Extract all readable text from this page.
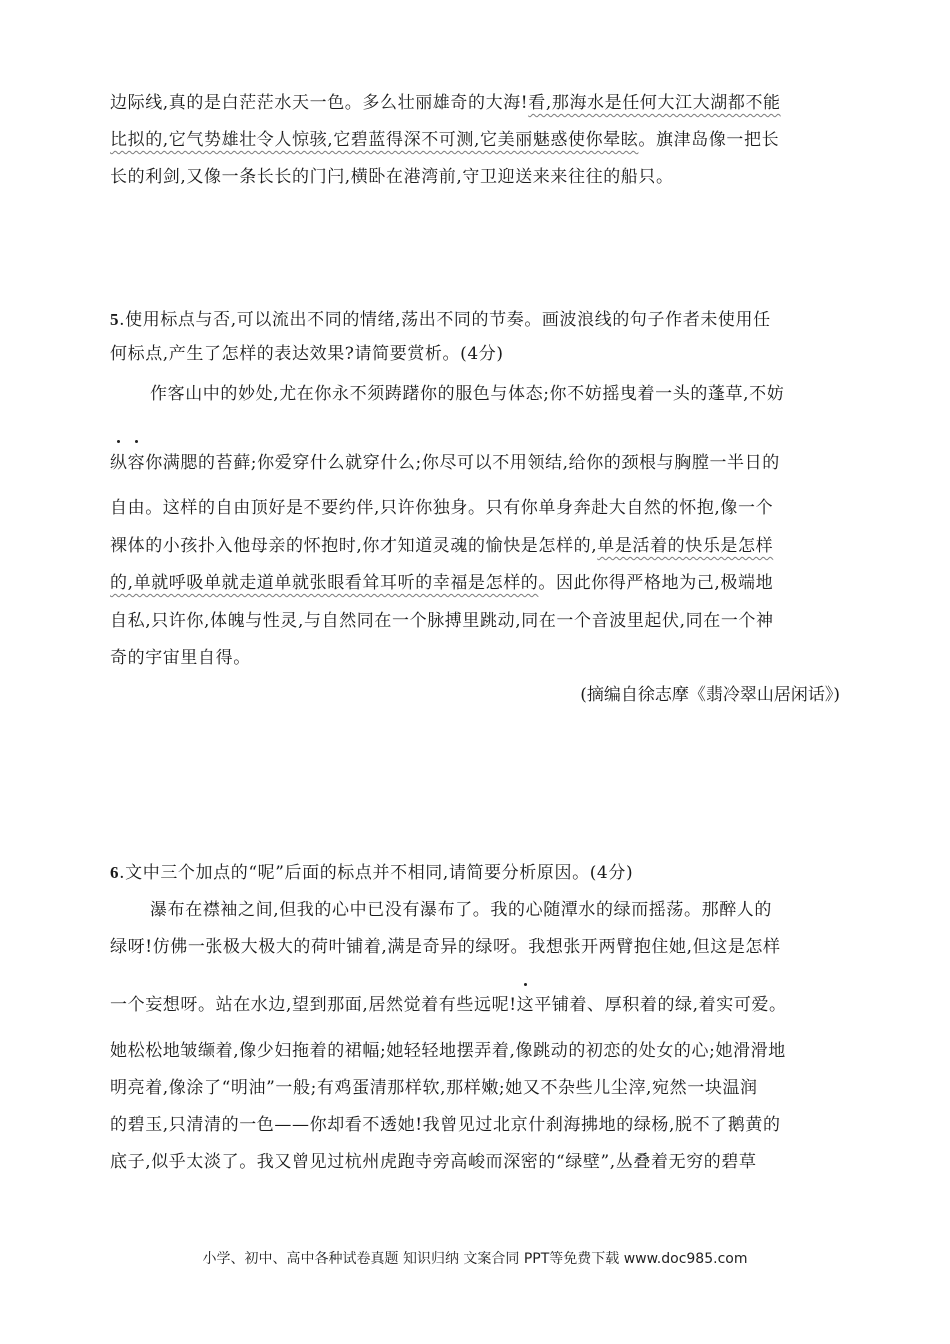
边际线,真的是白茫茫水天一色。多么壮丽雄奇的大海!看,那海水是任何大江大湖都不能
比拟的,它气势雄壮令人惊骇,它碧蓝得深不可测,它美丽魅惑使你晕眩。旗津岛像一把长
长的利剑,又像一条长长的门闩,横卧在港湾前,守卫迎送来来往往的船只。
5.使用标点与否,可以流出不同的情绪,荡出不同的节奏。画波浪线的句子作者未使用任
何标点,产生了怎样的表达效果?请简要赏析。(4分)
作客山中的妙处,尤在你永不须踌躇你的服色与体态;你不妨摇曳着一头的蓬草,不妨
纵容你满腮的苔藓;你爱穿什么就穿什么;你尽可以不用领结,给你的颈根与胸膛一半日的
自由。这样的自由顶好是不要约伴,只许你独身。只有你单身奔赴大自然的怀抱,像一个
裸体的小孩扑入他母亲的怀抱时,你才知道灵魂的愉快是怎样的,单是活着的快乐是怎样
的,单就呼吸单就走道单就张眼看耸耳听的幸福是怎样的。因此你得严格地为己,极端地
自私,只许你,体魄与性灵,与自然同在一个脉搏里跳动,同在一个音波里起伏,同在一个神
奇的宇宙里自得。
(摘编自徐志摩《翡冷翠山居闲话》)
6.文中三个加点的“呢”后面的标点并不相同,请简要分析原因。(4分)
瀑布在襟袖之间,但我的心中已没有瀑布了。我的心随潭水的绿而摇荡。那醉人的
绿呀!仿佛一张极大极大的荷叶铺着,满是奇异的绿呀。我想张开两臂抱住她,但这是怎样
一个妄想呀。站在水边,望到那面,居然觉着有些远呢!这平铺着、厚积着的绿,着实可爱。
她松松地皱缬着,像少妇拖着的裙幅;她轻轻地摆弄着,像跳动的初恋的处女的心;她滑滑地
明亮着,像涂了“明油”一般;有鸡蛋清那样软,那样嫩;她又不杂些儿尘滓,宛然一块温润
的碧玉,只清清的一色——你却看不透她!我曾见过北京什刹海拂地的绿杨,脱不了鹅黄的
底子,似乎太淡了。我又曾见过杭州虎跑寺旁高峻而深密的“绿壁”,丛叠着无穷的碧草
小学、初中、高中各种试卷真题 知识归纳 文案合同 PPT等免费下载 www.doc985.com
